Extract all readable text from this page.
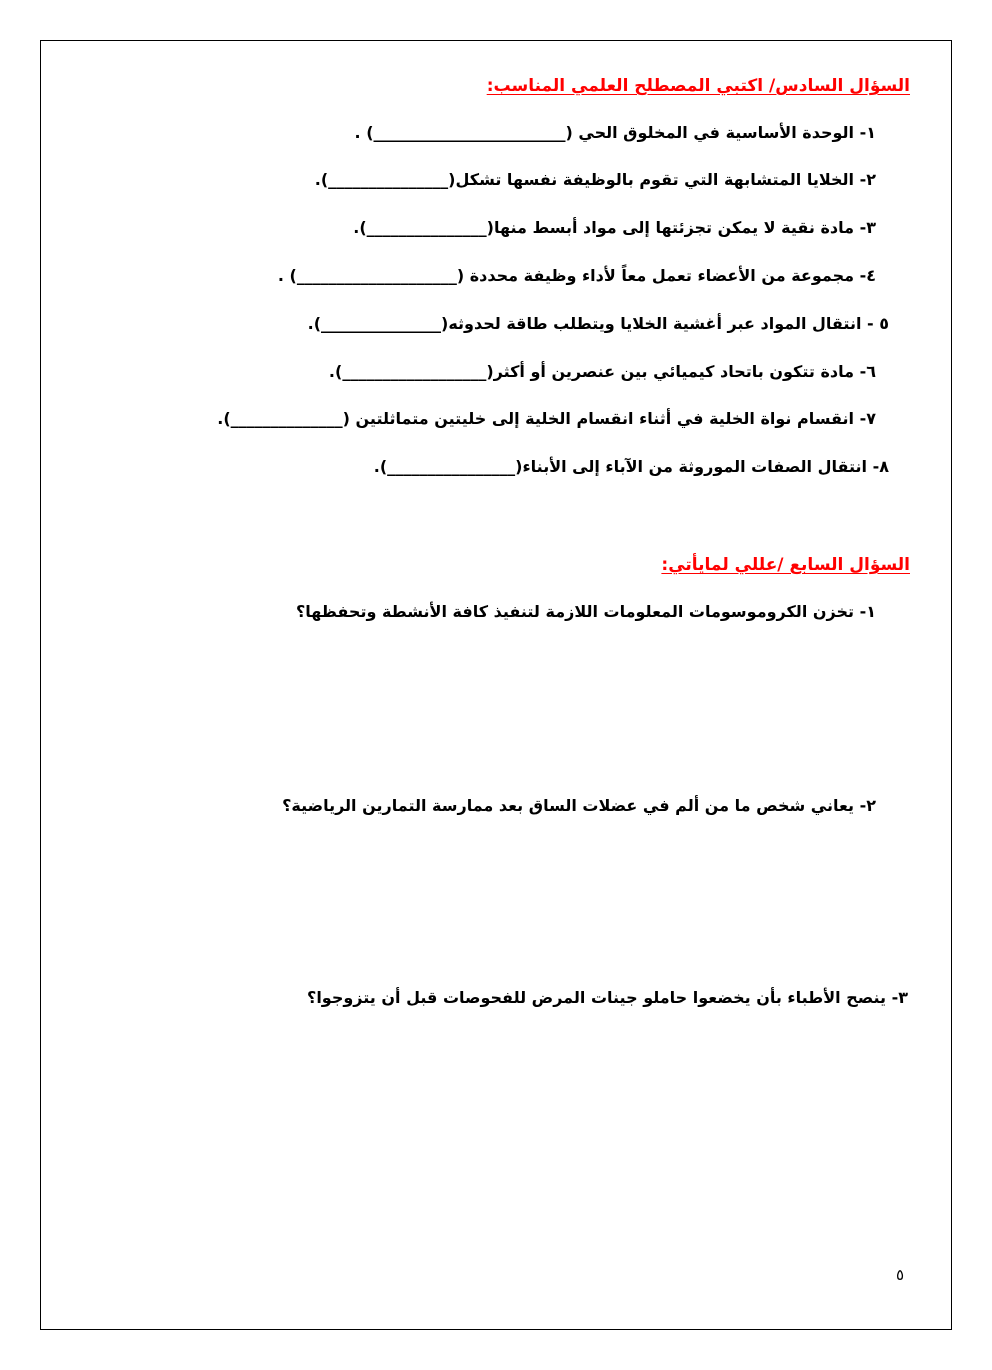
السؤال السادس/ اكتبي المصطلح العلمي المناسب:
١- الوحدة الأساسية في المخلوق الحي (________________________) .
٢- الخلايا المتشابهة التي تقوم بالوظيفة نفسها تشكل(_______________).
٣- مادة نقية لا يمكن تجزئتها إلى مواد أبسط منها(_______________).
٤- مجموعة من الأعضاء تعمل معاً لأداء وظيفة محددة (____________________) .
٥ - انتقال المواد عبر أغشية الخلايا ويتطلب طاقة لحدوثه(_______________).
٦- مادة تتكون باتحاد كيميائي بين عنصرين أو أكثر(__________________).
٧- انقسام نواة الخلية في أثناء انقسام الخلية إلى خليتين متماثلتين (______________).
٨- انتقال الصفات الموروثة من الآباء إلى الأبناء(________________).
السؤال السابع /عللي لمايأتي:
١- تخزن الكروموسومات المعلومات اللازمة لتنفيذ كافة الأنشطة وتحفظها؟
٢- يعاني شخص ما من ألم في عضلات الساق بعد ممارسة التمارين الرياضية؟
٣- ينصح الأطباء بأن يخضعوا حاملو جينات المرض للفحوصات قبل أن يتزوجوا؟
٥
